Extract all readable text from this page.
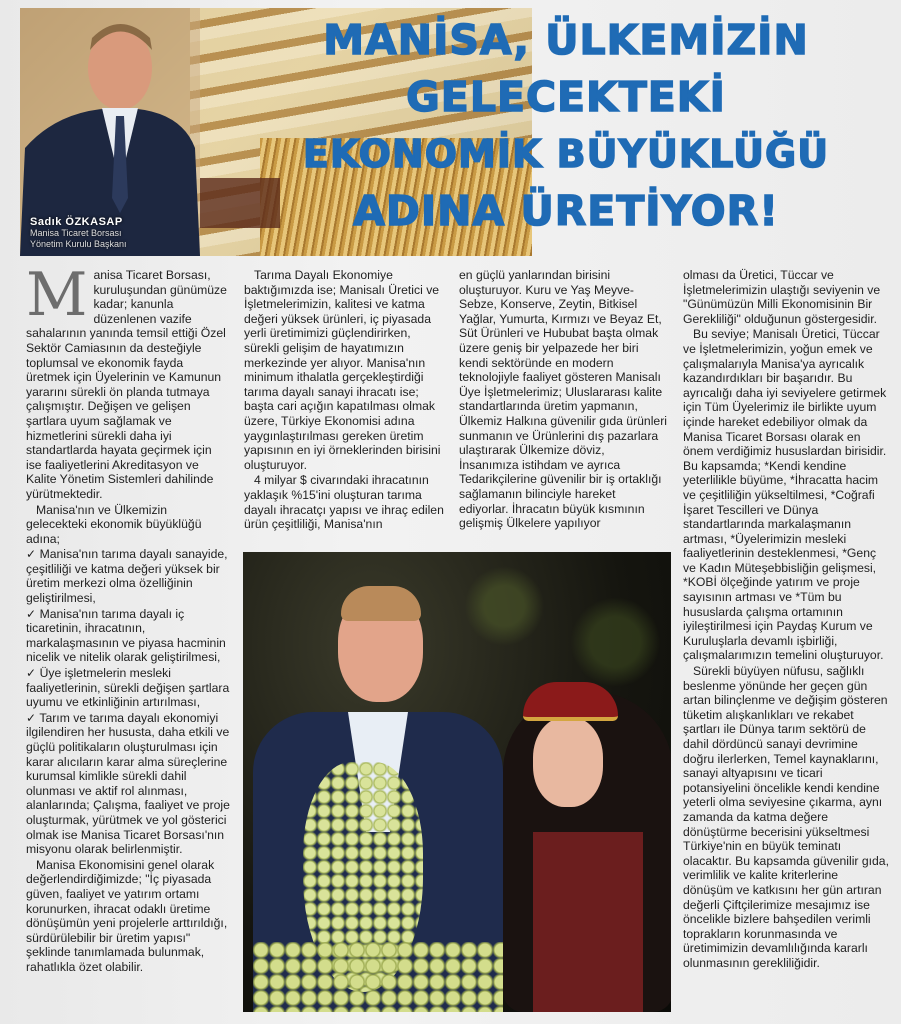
Sadık ÖZKASAP
Manisa Ticaret Borsası
Yönetim Kurulu Başkanı
MANİSA, ÜLKEMİZİN
GELECEKTEKİ
EKONOMİK BÜYÜKLÜĞÜ
ADINA ÜRETİYOR!
M anisa Ticaret Borsası, kuruluşundan günümüze kadar; kanunla düzenlenen vazife sahalarının yanında temsil ettiği Özel Sektör Camiasının da desteğiyle toplumsal ve ekonomik fayda üretmek için Üyelerinin ve Kamunun yararını sürekli ön planda tutmaya çalışmıştır. Değişen ve gelişen şartlara uyum sağlamak ve hizmetlerini sürekli daha iyi standartlarda hayata geçirmek için ise faaliyetlerini Akreditasyon ve Kalite Yönetim Sistemleri dahilinde yürütmektedir.

Manisa'nın ve Ülkemizin gelecekteki ekonomik büyüklüğü adına;

✓ Manisa'nın tarıma dayalı sanayide, çeşitliliği ve katma değeri yüksek bir üretim merkezi olma özelliğinin geliştirilmesi,

✓ Manisa'nın tarıma dayalı iç ticaretinin, ihracatının, markalaşmasının ve piyasa hacminin nicelik ve nitelik olarak geliştirilmesi,

✓ Üye işletmelerin mesleki faaliyetlerinin, sürekli değişen şartlara uyumu ve etkinliğinin artırılması,

✓ Tarım ve tarıma dayalı ekonomiyi ilgilendiren her hususta, daha etkili ve güçlü politikaların oluşturulması için karar alıcıların karar alma süreçlerine kurumsal kimlikle sürekli dahil olunması ve aktif rol alınması, alanlarında; Çalışma, faaliyet ve proje oluşturmak, yürütmek ve yol gösterici olmak ise Manisa Ticaret Borsası'nın misyonu olarak belirlenmiştir.

Manisa Ekonomisini genel olarak değerlendirdiğimizde; "İç piyasada güven, faaliyet ve yatırım ortamı korunurken, ihracat odaklı üretime dönüşümün yeni projelerle arttırıldığı, sürdürülebilir bir üretim yapısı" şeklinde tanımlamada bulunmak, rahatlıkla özet olabilir.

Tarıma Dayalı Ekonomiye baktığımızda ise; Manisalı Üretici ve İşletmelerimizin, kalitesi ve katma değeri yüksek ürünleri, iç piyasada yerli üretimimizi güçlendirirken, sürekli gelişim de hayatımızın merkezinde yer alıyor. Manisa'nın minimum ithalatla gerçekleştirdiği tarıma dayalı sanayi ihracatı ise; başta cari açığın kapatılması olmak üzere, Türkiye Ekonomisi adına yaygınlaştırılması gereken üretim yapısının en iyi örneklerinden birisini oluşturuyor.

4 milyar $ civarındaki ihracatının yaklaşık %15'ini oluşturan tarıma dayalı ihracatçı yapısı ve ihraç edilen ürün çeşitliliği, Manisa'nın

en güçlü yanlarından birisini oluşturuyor. Kuru ve Yaş Meyve-Sebze, Konserve, Zeytin, Bitkisel Yağlar, Yumurta, Kırmızı ve Beyaz Et, Süt Ürünleri ve Hububat başta olmak üzere geniş bir yelpazede her biri kendi sektöründe en modern teknolojiyle faaliyet gösteren Manisalı Üye İşletmelerimiz; Uluslararası kalite standartlarında üretim yapmanın, Ülkemiz Halkına güvenilir gıda ürünleri sunmanın ve Ürünlerini dış pazarlara ulaştırarak Ülkemize döviz, İnsanımıza istihdam ve ayrıca Tedarikçilerine güvenilir bir iş ortaklığı sağlamanın bilinciyle hareket ediyorlar. İhracatın büyük kısmının gelişmiş Ülkelere yapılıyor

olması da Üretici, Tüccar ve İşletmelerimizin ulaştığı seviyenin ve "Günümüzün Milli Ekonomisinin Bir Gerekliliği" olduğunun göstergesidir.

Bu seviye; Manisalı Üretici, Tüccar ve İşletmelerimizin, yoğun emek ve çalışmalarıyla Manisa'ya ayrıcalık kazandırdıkları bir başarıdır. Bu ayrıcalığı daha iyi seviyelere getirmek için Tüm Üyelerimiz ile birlikte uyum içinde hareket edebiliyor olmak da Manisa Ticaret Borsası olarak en önem verdiğimiz hususlardan birisidir. Bu kapsamda; *Kendi kendine yeterlilikle büyüme, *İhracatta hacim ve çeşitliliğin yükseltilmesi, *Coğrafi İşaret Tescilleri ve Dünya standartlarında markalaşmanın artması, *Üyelerimizin mesleki faaliyetlerinin desteklenmesi, *Genç ve Kadın Müteşebbisliğin gelişmesi, *KOBİ ölçeğinde yatırım ve proje sayısının artması ve *Tüm bu hususlarda çalışma ortamının iyileştirilmesi için Paydaş Kurum ve Kuruluşlarla devamlı işbirliği, çalışmalarımızın temelini oluşturuyor.

Sürekli büyüyen nüfusu, sağlıklı beslenme yönünde her geçen gün artan bilinçlenme ve değişim gösteren tüketim alışkanlıkları ve rekabet şartları ile Dünya tarım sektörü de dahil dördüncü sanayi devrimine doğru ilerlerken, Temel kaynaklarını, sanayi altyapısını ve ticari potansiyelini öncelikle kendi kendine yeterli olma seviyesine çıkarma, aynı zamanda da katma değere dönüştürme becerisini yükseltmesi Türkiye'nin en büyük teminatı olacaktır. Bu kapsamda güvenilir gıda, verimlilik ve kalite kriterlerine dönüşüm ve katkısını her gün artıran değerli Çiftçilerimize mesajımız ise öncelikle bizlere bahşedilen verimli toprakların korunmasında ve üretimimizin devamlılığında kararlı olunmasının gerekliliğidir.
